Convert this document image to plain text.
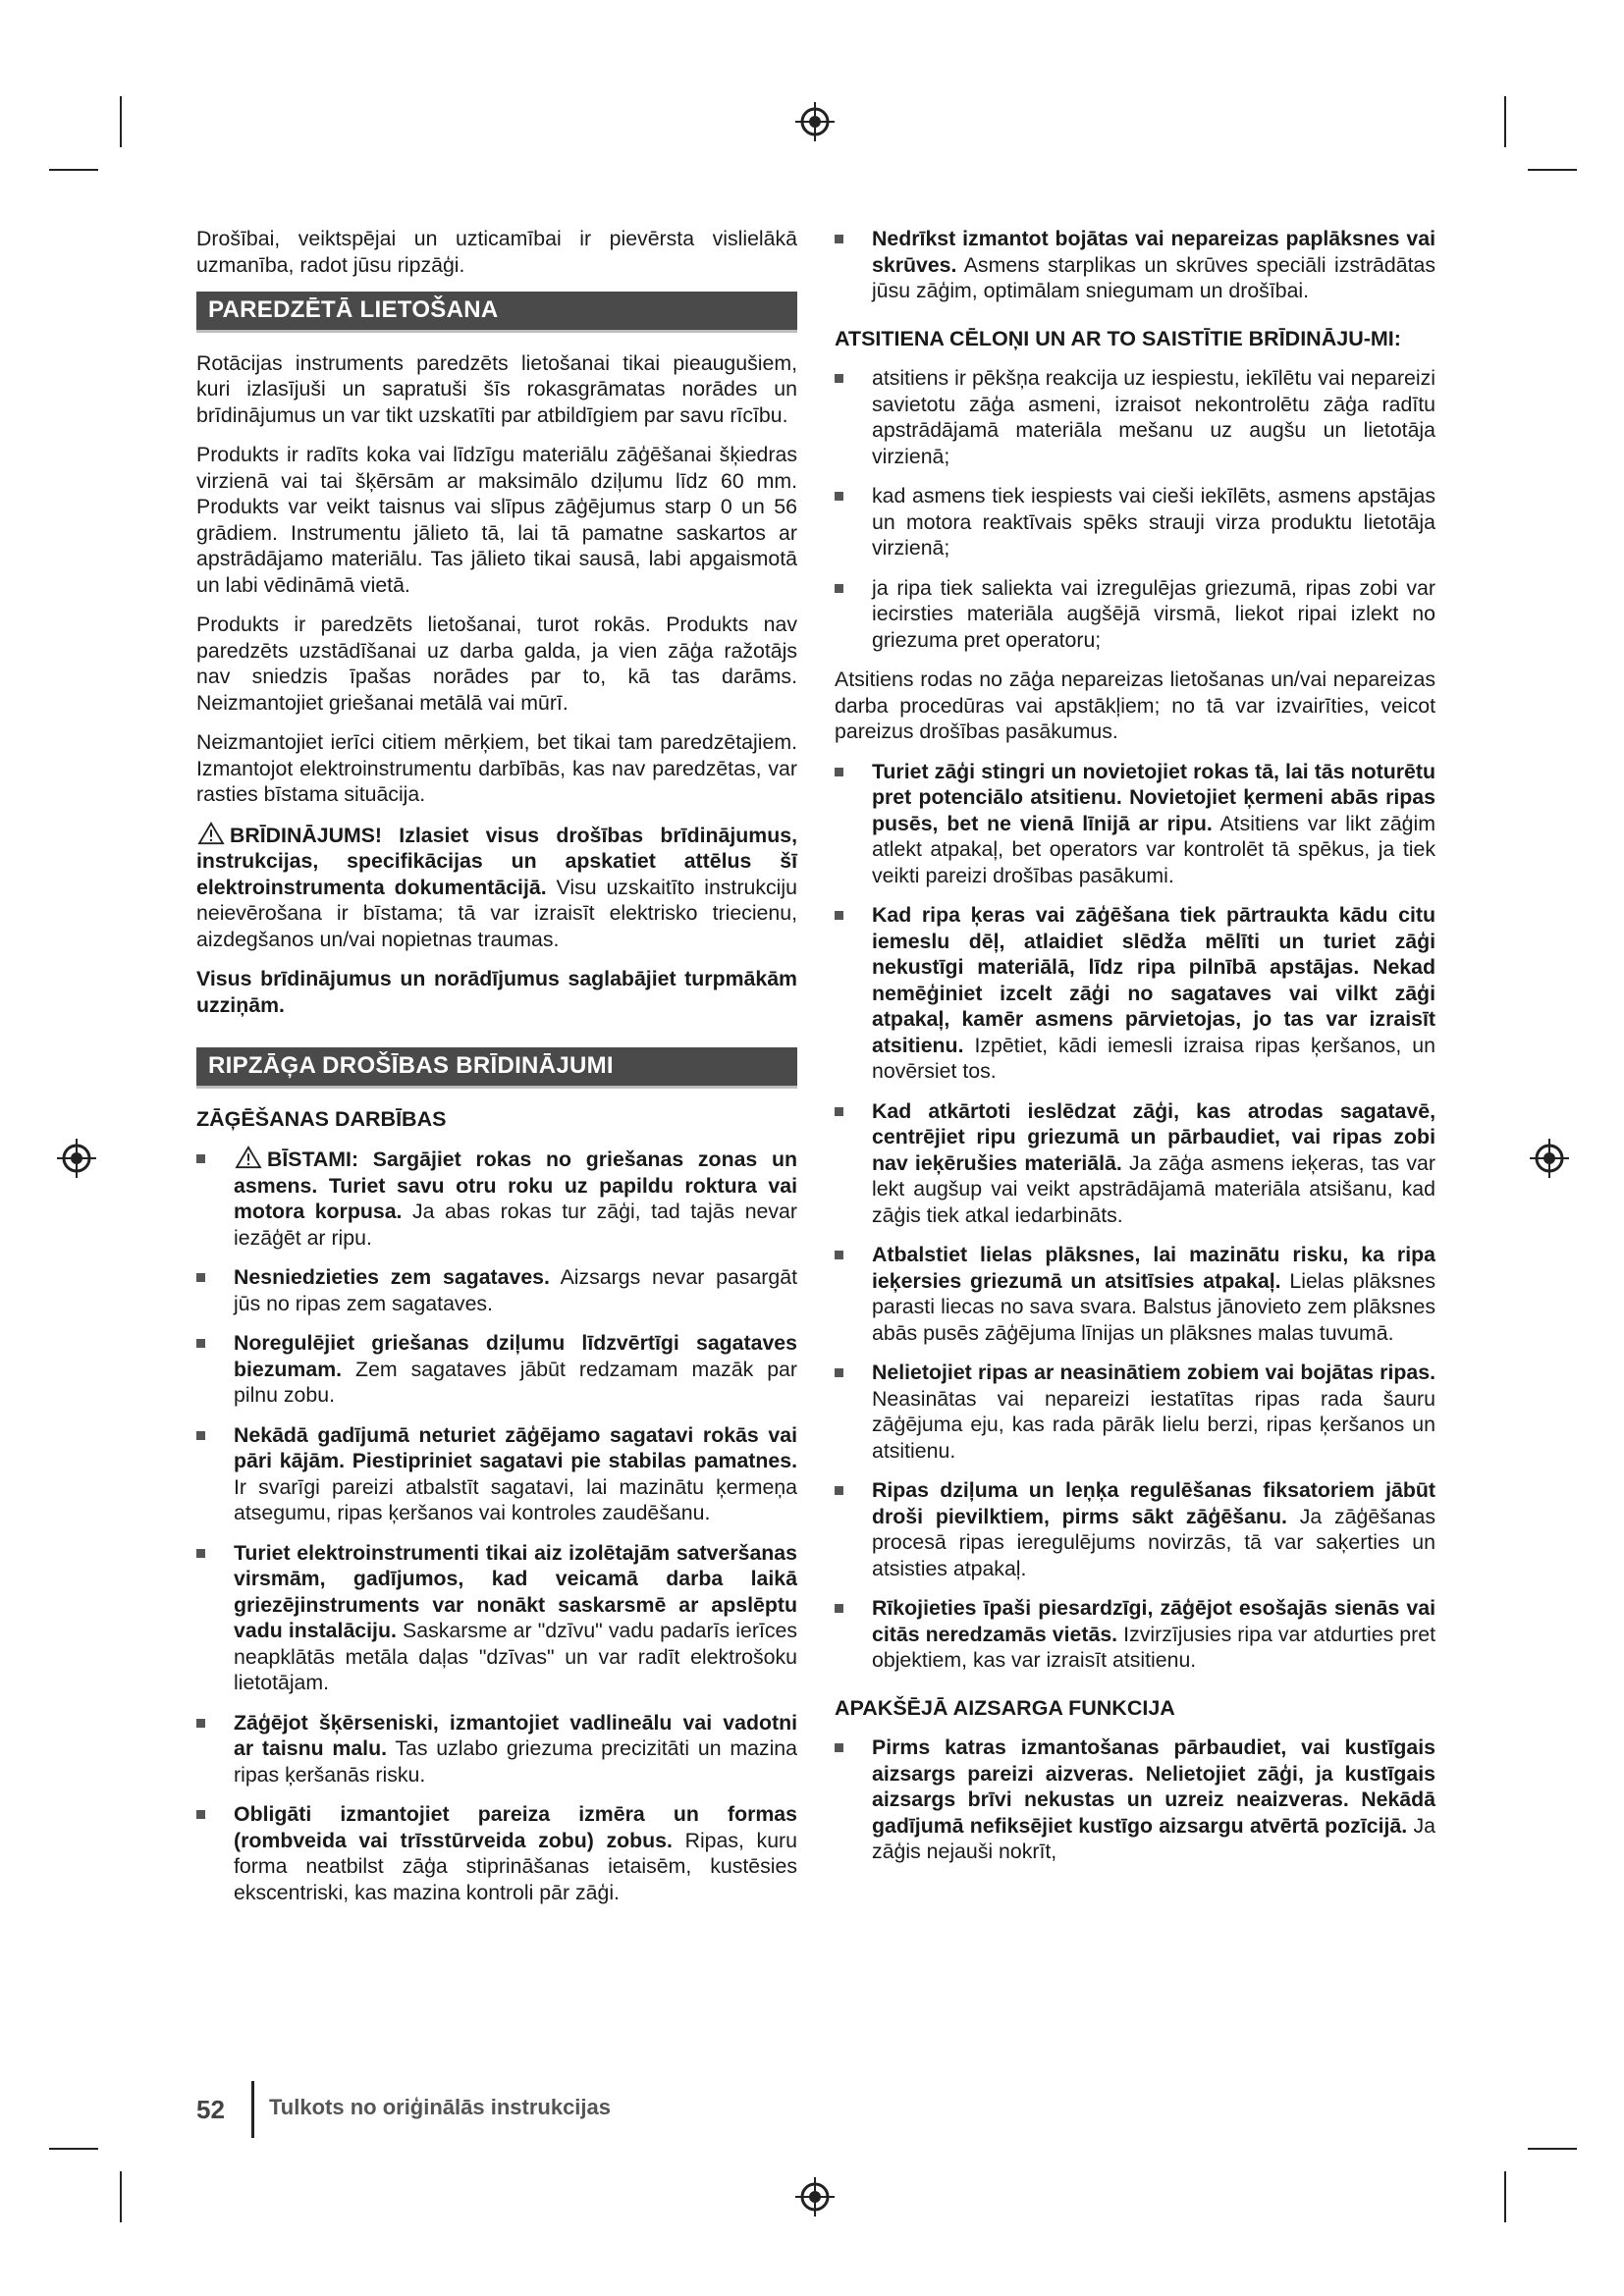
Drošībai, veiktspējai un uzticamībai ir pievērsta vislielākā uzmanība, radot jūsu ripzāģi.

PAREDZĒTĀ LIETOŠANA

Rotācijas instruments paredzēts lietošanai tikai pieaugušiem, kuri izlasījuši un sapratuši šīs rokasgrāmatas norādes un brīdinājumus un var tikt uzskatīti par atbildīgiem par savu rīcību.

Produkts ir radīts koka vai līdzīgu materiālu zāģēšanai šķiedras virzienā vai tai šķērsām ar maksimālo dziļumu līdz 60 mm. Produkts var veikt taisnus vai slīpus zāģējumus starp 0 un 56 grādiem. Instrumentu jālieto tā, lai tā pamatne saskartos ar apstrādājamo materiālu. Tas jālieto tikai sausā, labi apgaismotā un labi vēdināmā vietā.

Produkts ir paredzēts lietošanai, turot rokās. Produkts nav paredzēts uzstādīšanai uz darba galda, ja vien zāģa ražotājs nav sniedzis īpašas norādes par to, kā tas darāms. Neizmantojiet griešanai metālā vai mūrī.

Neizmantojiet ierīci citiem mērķiem, bet tikai tam paredzētajiem. Izmantojot elektroinstrumentu darbībās, kas nav paredzētas, var rasties bīstama situācija.

BRĪDINĀJUMS! Izlasiet visus drošības brīdinājumus, instrukcijas, specifikācijas un apskatiet attēlus šī elektroinstrumenta dokumentācijā. Visu uzskaitīto instrukciju neievērošana ir bīstama; tā var izraisīt elektrisko triecienu, aizdegšanos un/vai nopietnas traumas.

Visus brīdinājumus un norādījumus saglabājiet turpmākām uzziņām.

RIPZĀĢA DROŠĪBAS BRĪDINĀJUMI
ZĀĢĒŠANAS DARBĪBAS
BĪSTAMI: Sargājiet rokas no griešanas zonas un asmens. Turiet savu otru roku uz papildu roktura vai motora korpusa. Ja abas rokas tur zāģi, tad tajās nevar iezāģēt ar ripu.
Nesniedzieties zem sagataves. Aizsargs nevar pasargāt jūs no ripas zem sagataves.
Noregulējiet griešanas dziļumu līdzvērtīgi sagataves biezumam. Zem sagataves jābūt redzamam mazāk par pilnu zobu.
Nekādā gadījumā neturiet zāģējamo sagatavi rokās vai pāri kājām. Piestipriniet sagatavi pie stabilas pamatnes. Ir svarīgi pareizi atbalstīt sagatavi, lai mazinātu ķermeņa atsegumu, ripas ķeršanos vai kontroles zaudēšanu.
Turiet elektroinstrumenti tikai aiz izolētajām satveršanas virsmām, gadījumos, kad veicamā darba laikā griezējinstruments var nonākt saskarsmē ar apslēptu vadu instalāciju. Saskarsme ar "dzīvu" vadu padarīs ierīces neapklātās metāla daļas "dzīvas" un var radīt elektrošoku lietotājam.
Zāģējot šķērseniski, izmantojiet vadlineālu vai vadotni ar taisnu malu. Tas uzlabo griezuma precizitāti un mazina ripas ķeršanās risku.
Obligāti izmantojiet pareiza izmēra un formas (rombveida vai trīsstūrveida zobu) zobus. Ripas, kuru forma neatbilst zāģa stiprināšanas ietaisēm, kustēsies ekscentriski, kas mazina kontroli pār zāģi.
Nedrīkst izmantot bojātas vai nepareizas paplāksnes vai skrūves. Asmens starplikas un skrūves speciāli izstrādātas jūsu zāģim, optimālam sniegumam un drošībai.
ATSITIENA CĒLOŅI UN AR TO SAISTĪTIE BRĪDINĀJU-MI:
atsitiens ir pēkšņa reakcija uz iespiestu, iekīlētu vai nepareizi savietotu zāģa asmeni, izraisot nekontrolētu zāģa radītu apstrādājamā materiāla mešanu uz augšu un lietotāja virzienā;
kad asmens tiek iespiests vai cieši iekīlēts, asmens apstājas un motora reaktīvais spēks strauji virza produktu lietotāja virzienā;
ja ripa tiek saliekta vai izregulējas griezumā, ripas zobi var iecirsties materiāla augšējā virsmā, liekot ripai izlekt no griezuma pret operatoru;

Atsitiens rodas no zāģa nepareizas lietošanas un/vai nepareizas darba procedūras vai apstākļiem; no tā var izvairīties, veicot pareizus drošības pasākumus.

Turiet zāģi stingri un novietojiet rokas tā, lai tās noturētu pret potenciālo atsitienu. Novietojiet ķermeni abās ripas pusēs, bet ne vienā līnijā ar ripu. Atsitiens var likt zāģim atlekt atpakaļ, bet operators var kontrolēt tā spēkus, ja tiek veikti pareizi drošības pasākumi.
Kad ripa ķeras vai zāģēšana tiek pārtraukta kādu citu iemeslu dēļ, atlaidiet slēdža mēlīti un turiet zāģi nekustīgi materiālā, līdz ripa pilnībā apstājas. Nekad nemēģiniet izcelt zāģi no sagataves vai vilkt zāģi atpakaļ, kamēr asmens pārvietojas, jo tas var izraisīt atsitienu. Izpētiet, kādi iemesli izraisa ripas ķeršanos, un novērsiet tos.
Kad atkārtoti ieslēdzat zāģi, kas atrodas sagatavē, centrējiet ripu griezumā un pārbaudiet, vai ripas zobi nav ieķērušies materiālā. Ja zāģa asmens ieķeras, tas var lekt augšup vai veikt apstrādājamā materiāla atsišanu, kad zāģis tiek atkal iedarbināts.
Atbalstiet lielas plāksnes, lai mazinātu risku, ka ripa ieķersies griezumā un atsitīsies atpakaļ. Lielas plāksnes parasti liecas no sava svara. Balstus jānovieto zem plāksnes abās pusēs zāģējuma līnijas un plāksnes malas tuvumā.
Nelietojiet ripas ar neasinātiem zobiem vai bojātas ripas. Neasinātas vai nepareizi iestatītas ripas rada šauru zāģējuma eju, kas rada pārāk lielu berzi, ripas ķeršanos un atsitienu.
Ripas dziļuma un leņķa regulēšanas fiksatoriem jābūt droši pievilktiem, pirms sākt zāģēšanu. Ja zāģēšanas procesā ripas ieregulējums novirzās, tā var saķerties un atsisties atpakaļ.
Rīkojieties īpaši piesardzīgi, zāģējot esošajās sienās vai citās neredzamās vietās. Izvirzījusies ripa var atdurties pret objektiem, kas var izraisīt atsitienu.
APAKŠĒJĀ AIZSARGA FUNKCIJA
Pirms katras izmantošanas pārbaudiet, vai kustīgais aizsargs pareizi aizveras. Nelietojiet zāģi, ja kustīgais aizsargs brīvi nekustas un uzreiz neaizveras. Nekādā gadījumā nefiksējiet kustīgo aizsargu atvērtā pozīcijā. Ja zāģis nejauši nokrīt,
52 Tulkots no oriģinālās instrukcijas
